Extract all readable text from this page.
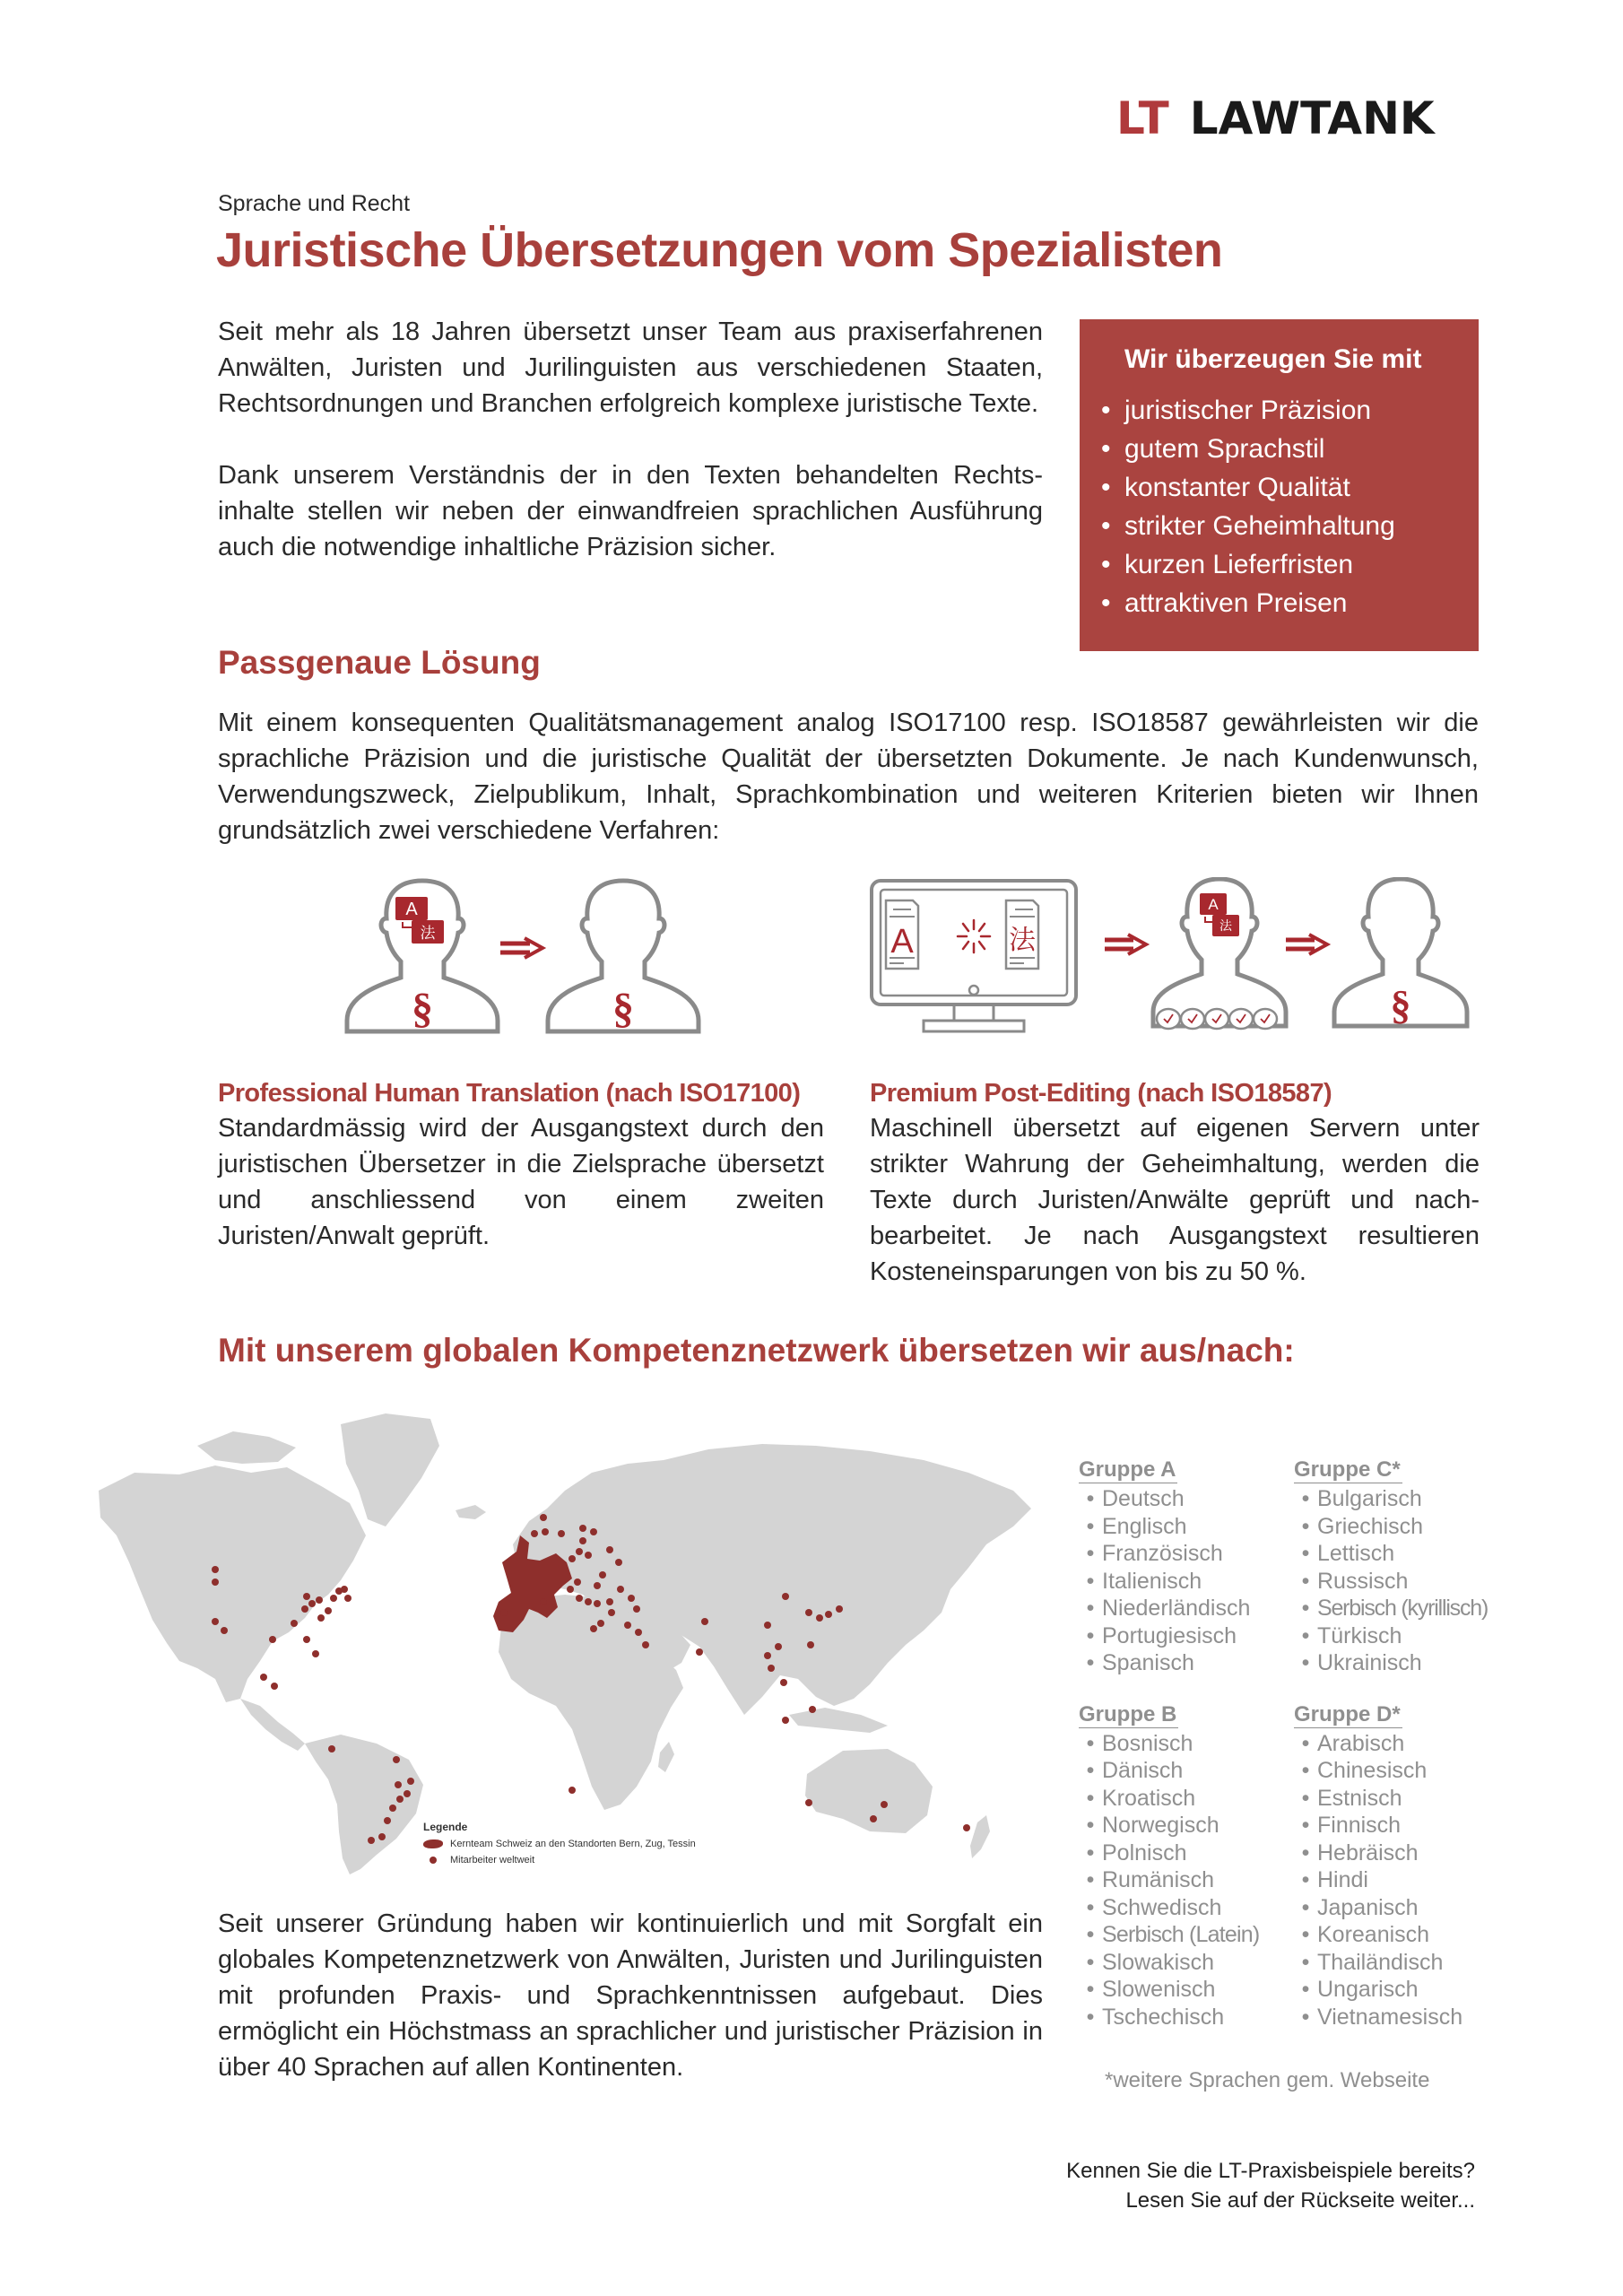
LT LAWTANK
Sprache und Recht
Juristische Übersetzungen vom Spezialisten

Seit mehr als 18 Jahren übersetzt unser Team aus praxiserfahrenen Anwälten, Juristen und Jurilinguisten aus verschiedenen Staaten, Rechtsordnungen und Branchen erfolgreich komplexe juristische Texte.

Dank unserem Verständnis der in den Texten behandelten Rechtsinhalte stellen wir neben der einwandfreien sprachlichen Ausführung auch die notwendige inhaltliche Präzision sicher.

Wir überzeugen Sie mit
• juristischer Präzision
• gutem Sprachstil
• konstanter Qualität
• strikter Geheimhaltung
• kurzen Lieferfristen
• attraktiven Preisen
Passgenaue Lösung

Mit einem konsequenten Qualitätsmanagement analog ISO17100 resp. ISO18587 gewährleisten wir die sprachliche Präzision und die juristische Qualität der übersetzten Dokumente. Je nach Kundenwunsch, Verwendungszweck, Zielpublikum, Inhalt, Sprachkombination und weiteren Kriterien bieten wir Ihnen grundsätzlich zwei verschiedene Verfahren:

A
法
§	§
A	法
A
法
§
Professional Human Translation (nach ISO17100)

Standardmässig wird der Ausgangstext durch den juristischen Übersetzer in die Zielsprache übersetzt und anschliessend von einem zweiten Juristen/Anwalt geprüft.

Premium Post-Editing (nach ISO18587)

Maschinell übersetzt auf eigenen Servern unter strikter Wahrung der Geheimhaltung, werden die Texte durch Juristen/Anwälte geprüft und nachbearbeitet. Je nach Ausgangstext resultieren Kosteneinsparungen von bis zu 50 %.

Mit unserem globalen Kompetenznetzwerk übersetzen wir aus/nach:
Legende
Kernteam Schweiz an den Standorten Bern, Zug, Tessin
Mitarbeiter weltweit

Seit unserer Gründung haben wir kontinuierlich und mit Sorgfalt ein globales Kompetenznetzwerk von Anwälten, Juristen und Jurilinguisten mit profunden Praxis- und Sprachkenntnissen aufgebaut. Dies ermöglicht ein Höchstmass an sprachlicher und juristischer Präzision in über 40 Sprachen auf allen Kontinenten.

Gruppe A
• Deutsch
• Englisch
• Französisch
• Italienisch
• Niederländisch
• Portugiesisch
• Spanisch
Gruppe C*
• Bulgarisch
• Griechisch
• Lettisch
• Russisch
• Serbisch (kyrillisch)
• Türkisch
• Ukrainisch
Gruppe B
• Bosnisch
• Dänisch
• Kroatisch
• Norwegisch
• Polnisch
• Rumänisch
• Schwedisch
• Serbisch (Latein)
• Slowakisch
• Slowenisch
• Tschechisch
Gruppe D*
• Arabisch
• Chinesisch
• Estnisch
• Finnisch
• Hebräisch
• Hindi
• Japanisch
• Koreanisch
• Thailändisch
• Ungarisch
• Vietnamesisch
*weitere Sprachen gem. Webseite
Kennen Sie die LT-Praxisbeispiele bereits?
Lesen Sie auf der Rückseite weiter...
